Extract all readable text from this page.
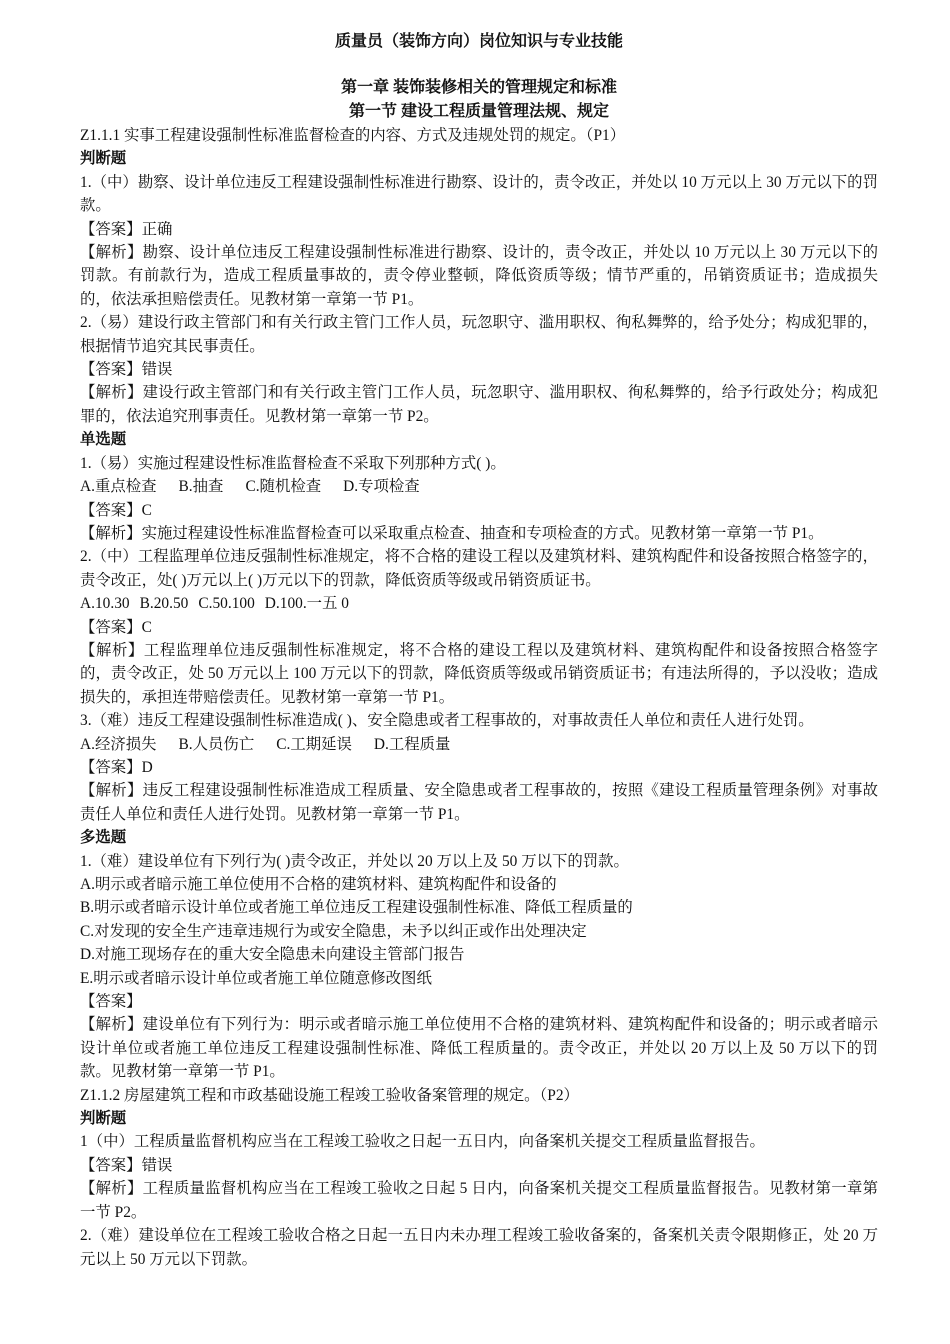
质量员（装饰方向）岗位知识与专业技能

第一章 装饰装修相关的管理规定和标准

第一节 建设工程质量管理法规、规定

Z1.1.1 实事工程建设强制性标准监督检查的内容、方式及违规处罚的规定。（P1）

判断题

1.（中）勘察、设计单位违反工程建设强制性标准进行勘察、设计的，责令改正，并处以 10 万元以上 30 万元以下的罚款。

【答案】正确

【解析】勘察、设计单位违反工程建设强制性标准进行勘察、设计的，责令改正，并处以 10 万元以上 30 万元以下的罚款。有前款行为，造成工程质量事故的，责令停业整顿，降低资质等级；情节严重的，吊销资质证书；造成损失的，依法承担赔偿责任。见教材第一章第一节 P1。

2.（易）建设行政主管部门和有关行政主管门工作人员，玩忽职守、滥用职权、徇私舞弊的，给予处分；构成犯罪的，根据情节追究其民事责任。

【答案】错误

【解析】建设行政主管部门和有关行政主管门工作人员，玩忽职守、滥用职权、徇私舞弊的，给予行政处分；构成犯罪的，依法追究刑事责任。见教材第一章第一节 P2。

单选题

1.（易）实施过程建设性标准监督检查不采取下列那种方式( )。

A.重点检查 B.抽查 C.随机检查 D.专项检查

【答案】C

【解析】实施过程建设性标准监督检查可以采取重点检查、抽查和专项检查的方式。见教材第一章第一节 P1。

2.（中）工程监理单位违反强制性标准规定，将不合格的建设工程以及建筑材料、建筑构配件和设备按照合格签字的，责令改正，处( )万元以上( )万元以下的罚款，降低资质等级或吊销资质证书。

A.10.30 B.20.50 C.50.100 D.100.一五 0

【答案】C

【解析】工程监理单位违反强制性标准规定，将不合格的建设工程以及建筑材料、建筑构配件和设备按照合格签字的，责令改正，处 50 万元以上 100 万元以下的罚款，降低资质等级或吊销资质证书；有违法所得的，予以没收；造成损失的，承担连带赔偿责任。见教材第一章第一节 P1。

3.（难）违反工程建设强制性标准造成( )、安全隐患或者工程事故的，对事故责任人单位和责任人进行处罚。

A.经济损失 B.人员伤亡 C.工期延误 D.工程质量

【答案】D

【解析】违反工程建设强制性标准造成工程质量、安全隐患或者工程事故的，按照《建设工程质量管理条例》对事故责任人单位和责任人进行处罚。见教材第一章第一节 P1。

多选题

1.（难）建设单位有下列行为( )责令改正，并处以 20 万以上及 50 万以下的罚款。

A.明示或者暗示施工单位使用不合格的建筑材料、建筑构配件和设备的

B.明示或者暗示设计单位或者施工单位违反工程建设强制性标准、降低工程质量的

C.对发现的安全生产违章违规行为或安全隐患，未予以纠正或作出处理决定

D.对施工现场存在的重大安全隐患未向建设主管部门报告

E.明示或者暗示设计单位或者施工单位随意修改图纸

【答案】

【解析】建设单位有下列行为：明示或者暗示施工单位使用不合格的建筑材料、建筑构配件和设备的；明示或者暗示设计单位或者施工单位违反工程建设强制性标准、降低工程质量的。责令改正，并处以 20 万以上及 50 万以下的罚款。见教材第一章第一节 P1。

Z1.1.2 房屋建筑工程和市政基础设施工程竣工验收备案管理的规定。（P2）

判断题

1（中）工程质量监督机构应当在工程竣工验收之日起一五日内，向备案机关提交工程质量监督报告。

【答案】错误

【解析】工程质量监督机构应当在工程竣工验收之日起 5 日内，向备案机关提交工程质量监督报告。见教材第一章第一节 P2。

2.（难）建设单位在工程竣工验收合格之日起一五日内未办理工程竣工验收备案的，备案机关责令限期修正，处 20 万元以上 50 万元以下罚款。
